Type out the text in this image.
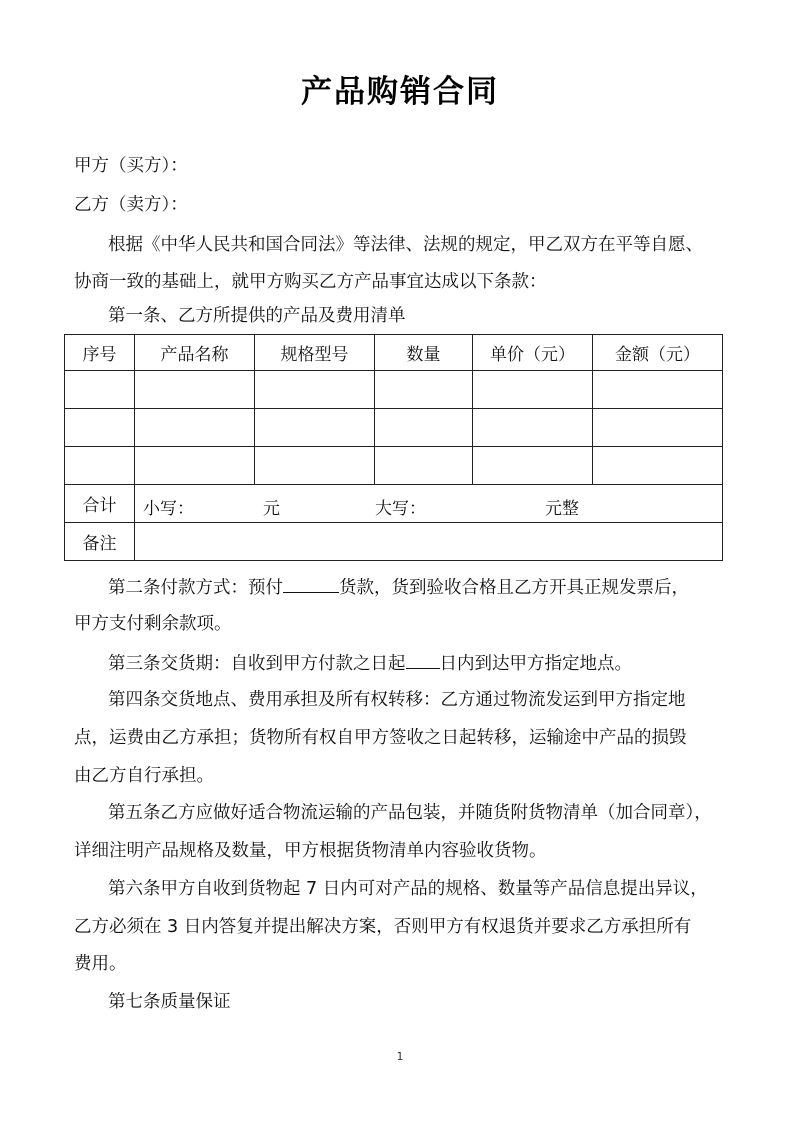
产品购销合同
甲方（买方）：
乙方（卖方）：
根据《中华人民共和国合同法》等法律、法规的规定，甲乙双方在平等自愿、
协商一致的基础上，就甲方购买乙方产品事宜达成以下条款：
第一条、乙方所提供的产品及费用清单
序号	产品名称	规格型号	数量	单价（元）	金额（元）

合计	小写： 元 大写： 元整				

备注					
第二条付款方式：预付	货款，货到验收合格且乙方开具正规发票后，
甲方支付剩余款项。
第三条交货期：自收到甲方付款之日起 日内到达甲方指定地点。
第四条交货地点、费用承担及所有权转移：乙方通过物流发运到甲方指定地
点，运费由乙方承担；货物所有权自甲方签收之日起转移，运输途中产品的损毁
由乙方自行承担。
第五条乙方应做好适合物流运输的产品包装，并随货附货物清单（加合同章），
详细注明产品规格及数量，甲方根据货物清单内容验收货物。
第六条甲方自收到货物起 7 日内可对产品的规格、数量等产品信息提出异议，
乙方必须在 3 日内答复并提出解决方案，否则甲方有权退货并要求乙方承担所有
费用。
第七条质量保证
1
